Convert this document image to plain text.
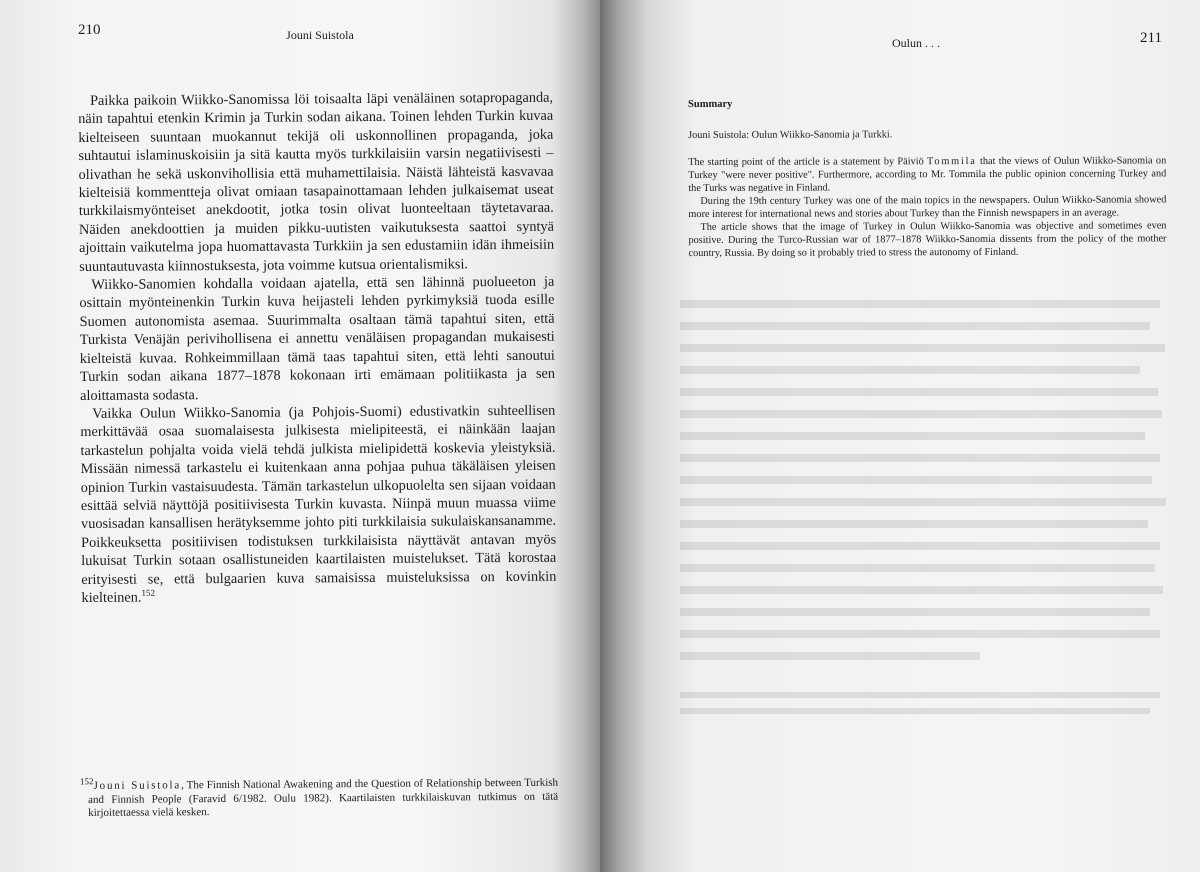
210	Jouni Suistola

Paikka paikoin Wiikko-Sanomissa löi toisaalta läpi venäläinen sotapropaganda, näin tapahtui etenkin Krimin ja Turkin sodan aikana. Toinen lehden Turkin kuvaa kielteiseen suuntaan muokannut tekijä oli uskonnollinen propaganda, joka suhtautui islaminuskoisiin ja sitä kautta myös turkkilaisiin varsin negatiivisesti – olivathan he sekä uskonvihollisia että muhamettilaisia. Näistä lähteistä kasvavaa kielteisiä kommentteja olivat omiaan tasapainottamaan lehden julkaisemat useat turkkilaismyönteiset anekdootit, jotka tosin olivat luonteeltaan täytetavaraa. Näiden anekdoottien ja muiden pikku-uutisten vaikutuksesta saattoi syntyä ajoittain vaikutelma jopa huomattavasta Turkkiin ja sen edustamiin idän ihmeisiin suuntautuvasta kiinnostuksesta, jota voimme kutsua orientalismiksi.

Wiikko-Sanomien kohdalla voidaan ajatella, että sen lähinnä puolueeton ja osittain myönteinenkin Turkin kuva heijasteli lehden pyrkimyksiä tuoda esille Suomen autonomista asemaa. Suurimmalta osaltaan tämä tapahtui siten, että Turkista Venäjän perivihollisena ei annettu venäläisen propagandan mukaisesti kielteistä kuvaa. Rohkeimmillaan tämä taas tapahtui siten, että lehti sanoutui Turkin sodan aikana 1877–1878 kokonaan irti emämaan politiikasta ja sen aloittamasta sodasta.

Vaikka Oulun Wiikko-Sanomia (ja Pohjois-Suomi) edustivatkin suhteellisen merkittävää osaa suomalaisesta julkisesta mielipiteestä, ei näinkään laajan tarkastelun pohjalta voida vielä tehdä julkista mielipidettä koskevia yleistyksiä. Missään nimessä tarkastelu ei kuitenkaan anna pohjaa puhua täkäläisen yleisen opinion Turkin vastaisuudesta. Tämän tarkastelun ulkopuolelta sen sijaan voidaan esittää selviä näyttöjä positiivisesta Turkin kuvasta. Niinpä muun muassa viime vuosisadan kansallisen herätyksemme johto piti turkkilaisia sukulaiskansanamme. Poikkeuksetta positiivisen todistuksen turkkilaisista näyttävät antavan myös lukuisat Turkin sotaan osallistuneiden kaartilaisten muistelukset. Tätä korostaa erityisesti se, että bulgaarien kuva samaisissa muisteluksissa on kovinkin kielteinen.$^{152}$

$^{152}$Jouni Suistola, The Finnish National Awakening and the Question of Relationship between Turkish and Finnish People (Faravid 6/1982. Oulu 1982). Kaartilaisten turkkilaiskuvan tutkimus on tätä kirjoitettaessa vielä kesken.
211
Oulun . . .

Summary

Jouni Suistola: Oulun Wiikko-Sanomia ja Turkki.

The starting point of the article is a statement by Päiviö Tommila that the views of Oulun Wiikko-Sanomia on Turkey "were never positive". Furthermore, according to Mr. Tommila the public opinion concerning Turkey and the Turks was negative in Finland.

During the 19th century Turkey was one of the main topics in the newspapers. Oulun Wiikko-Sanomia showed more interest for international news and stories about Turkey than the Finnish newspapers in an average.

The article shows that the image of Turkey in Oulun Wiikko-Sanomia was objective and sometimes even positive. During the Turco-Russian war of 1877–1878 Wiikko-Sanomia dissents from the policy of the mother country, Russia. By doing so it probably tried to stress the autonomy of Finland.
